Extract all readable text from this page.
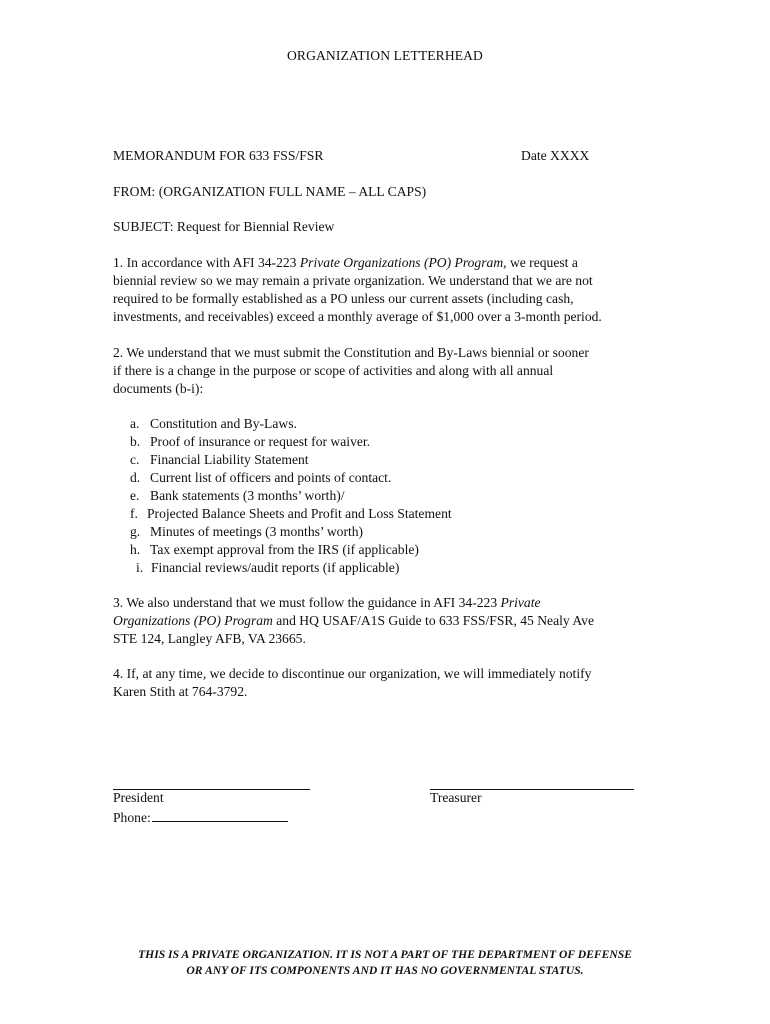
ORGANIZATION LETTERHEAD
MEMORANDUM FOR 633 FSS/FSR	Date XXXX
FROM: (ORGANIZATION FULL NAME – ALL CAPS)
SUBJECT: Request for Biennial Review
1. In accordance with AFI 34-223 Private Organizations (PO) Program, we request a
biennial review so we may remain a private organization. We understand that we are not
required to be formally established as a PO unless our current assets (including cash,
investments, and receivables) exceed a monthly average of $1,000 over a 3-month period.
2. We understand that we must submit the Constitution and By-Laws biennial or sooner
if there is a change in the purpose or scope of activities and along with all annual
documents (b-i):
a. Constitution and By-Laws.
b. Proof of insurance or request for waiver.
c. Financial Liability Statement
d. Current list of officers and points of contact.
e. Bank statements (3 months’ worth)/
f. Projected Balance Sheets and Profit and Loss Statement
g. Minutes of meetings (3 months’ worth)
h. Tax exempt approval from the IRS (if applicable)
i. Financial reviews/audit reports (if applicable)
3. We also understand that we must follow the guidance in AFI 34-223 Private
Organizations (PO) Program and HQ USAF/A1S Guide to 633 FSS/FSR, 45 Nealy Ave
STE 124, Langley AFB, VA 23665.
4. If, at any time, we decide to discontinue our organization, we will immediately notify
Karen Stith at 764-3792.
President	Treasurer
Phone:
THIS IS A PRIVATE ORGANIZATION. IT IS NOT A PART OF THE DEPARTMENT OF DEFENSE
OR ANY OF ITS COMPONENTS AND IT HAS NO GOVERNMENTAL STATUS.
